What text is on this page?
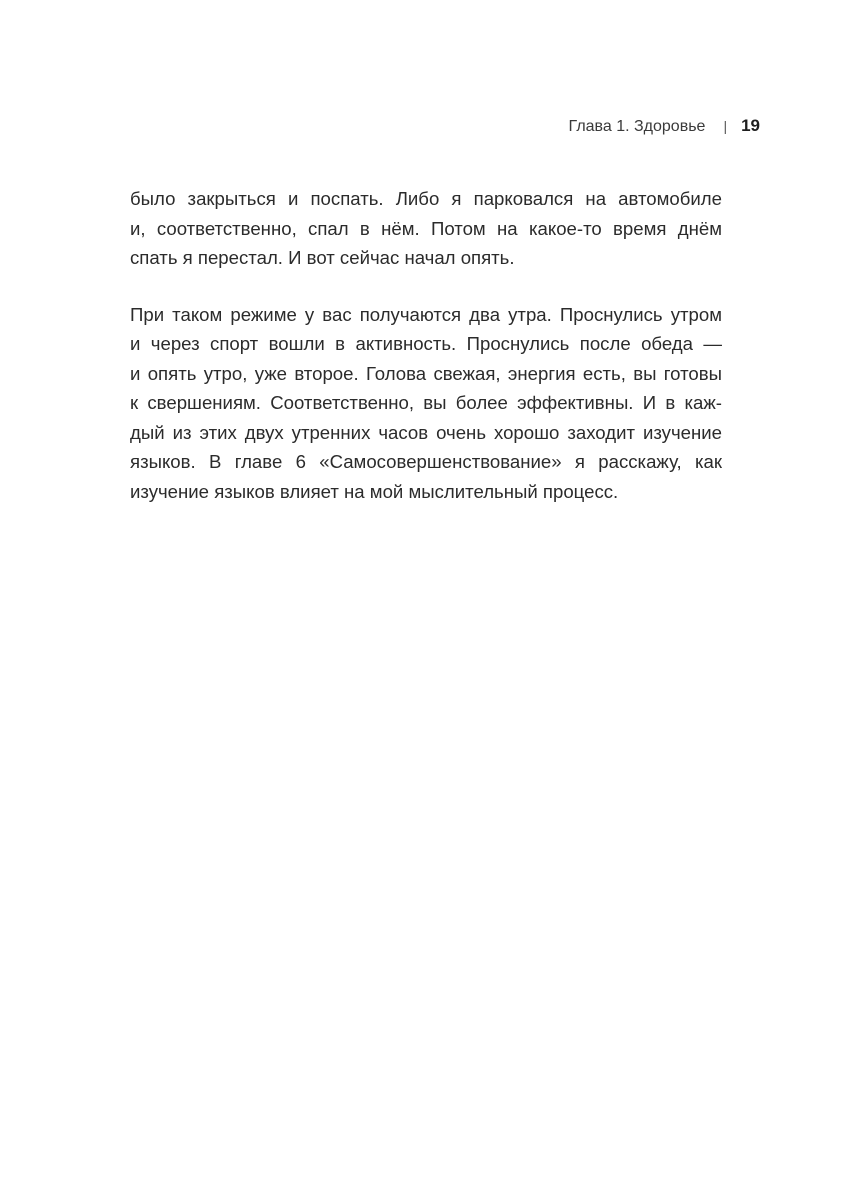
Глава 1. Здоровье | 19
было закрыться и поспать. Либо я парковался на автомобиле
и, соответственно, спал в нём. Потом на какое-то время днём
спать я перестал. И вот сейчас начал опять.
При таком режиме у вас получаются два утра. Проснулись утром
и через спорт вошли в активность. Проснулись после обеда —
и опять утро, уже второе. Голова свежая, энергия есть, вы готовы
к свершениям. Соответственно, вы более эффективны. И в каж-
дый из этих двух утренних часов очень хорошо заходит изучение
языков. В главе 6 «Самосовершенствование» я расскажу, как
изучение языков влияет на мой мыслительный процесс.
